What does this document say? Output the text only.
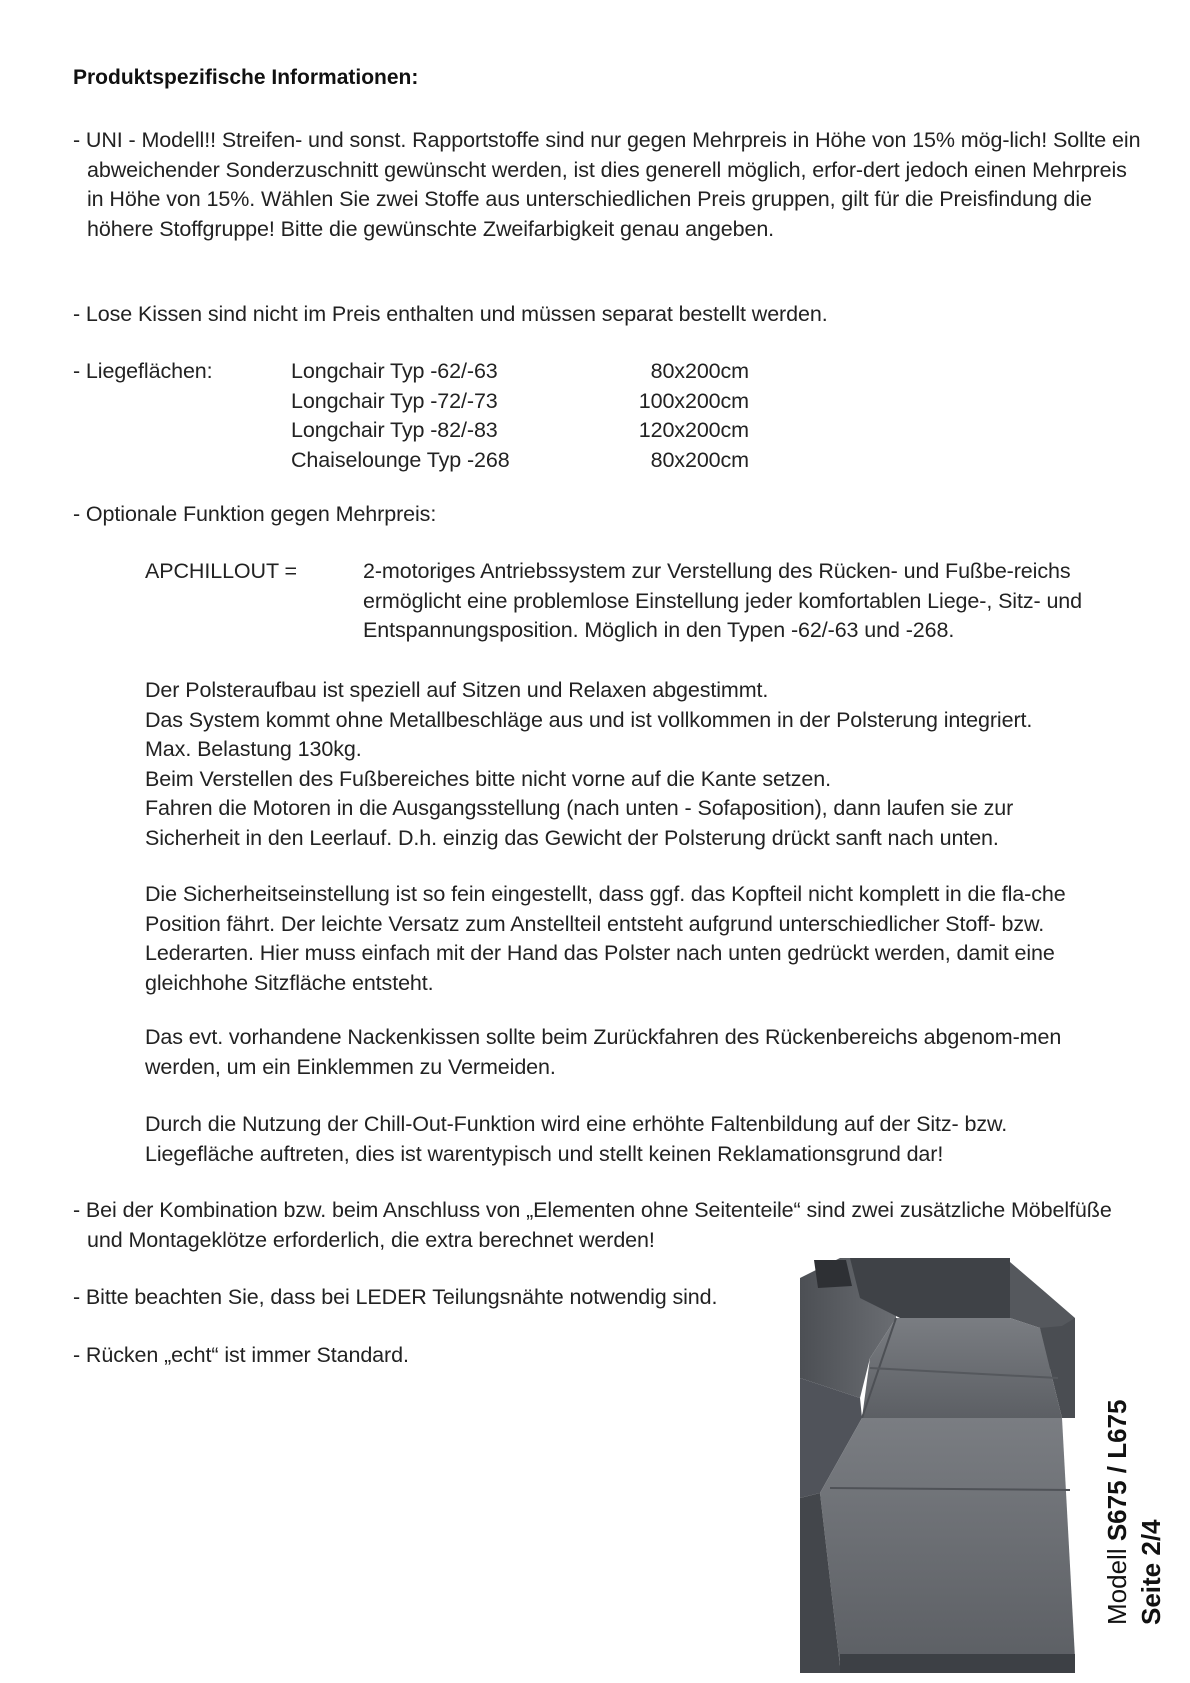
Produktspezifische Informationen:
- UNI - Modell!! Streifen- und sonst. Rapportstoffe sind nur gegen Mehrpreis in Höhe von 15% mög-lich! Sollte ein abweichender Sonderzuschnitt gewünscht werden, ist dies generell möglich, erfor-dert jedoch einen Mehrpreis in Höhe von 15%. Wählen Sie zwei Stoffe aus unterschiedlichen Preis gruppen, gilt für die Preisfindung die höhere Stoffgruppe! Bitte die gewünschte Zweifarbigkeit genau angeben.
- Lose Kissen sind nicht im Preis enthalten und müssen separat bestellt werden.
- Liegeflächen:	Longchair Typ -62/-63	80x200cm
Longchair Typ -72/-73	100x200cm
Longchair Typ -82/-83	120x200cm
Chaiselounge Typ -268	80x200cm
- Optionale Funktion gegen Mehrpreis:
APCHILLOUT =	2-motoriges Antriebssystem zur Verstellung des Rücken- und Fußbe-reichs ermöglicht eine problemlose Einstellung jeder komfortablen Liege-, Sitz- und Entspannungsposition. Möglich in den Typen -62/-63 und -268.
Der Polsteraufbau ist speziell auf Sitzen und Relaxen abgestimmt.
Das System kommt ohne Metallbeschläge aus und ist vollkommen in der Polsterung integriert.
Max. Belastung 130kg.
Beim Verstellen des Fußbereiches bitte nicht vorne auf die Kante setzen.
Fahren die Motoren in die Ausgangsstellung (nach unten - Sofaposition), dann laufen sie zur Sicherheit in den Leerlauf. D.h. einzig das Gewicht der Polsterung drückt sanft nach unten.
Die Sicherheitseinstellung ist so fein eingestellt, dass ggf. das Kopfteil nicht komplett in die fla-che Position fährt. Der leichte Versatz zum Anstellteil entsteht aufgrund unterschiedlicher Stoff- bzw. Lederarten. Hier muss einfach mit der Hand das Polster nach unten gedrückt werden, damit eine gleichhohe Sitzfläche entsteht.
Das evt. vorhandene Nackenkissen sollte beim Zurückfahren des Rückenbereichs abgenom-men werden, um ein Einklemmen zu Vermeiden.
Durch die Nutzung der Chill-Out-Funktion wird eine erhöhte Faltenbildung auf der Sitz- bzw. Liegefläche auftreten, dies ist warentypisch und stellt keinen Reklamationsgrund dar!
- Bei der Kombination bzw. beim Anschluss von „Elementen ohne Seitenteile“ sind zwei zusätzliche Möbelfüße und Montageklötze erforderlich, die extra berechnet werden!
- Bitte beachten Sie, dass bei LEDER Teilungsnähte notwendig sind.
- Rücken „echt“ ist immer Standard.
Modell S675 / L675
Seite 2/4
